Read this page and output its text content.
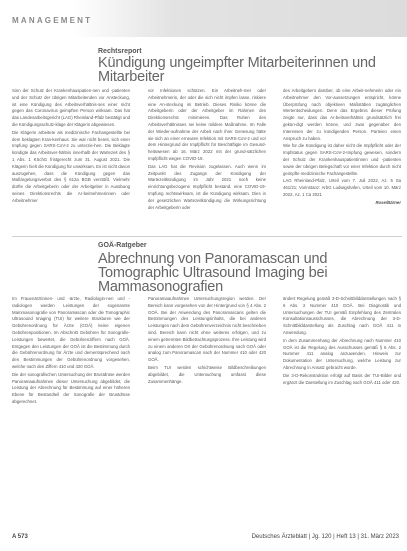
MANAGEMENT
Rechtsreport
Kündigung ungeimpfter Mitarbeiterinnen und Mitarbeiter

Sinn der Schutz der Krankenhauspatien-nen und -patienten und der Schutz der übrigen Mitarbeitenden vor Ansteckung, ist eine Kündigung des Arbeitsverhältnis-ses einer nicht gegen das Coronavirus geimpften Person wirksam. Das hat das Landesarbeitsgericht (LAG) Rheinland-Pfalz bestätigt und die Kündigungsschutz-klage der Klägerin abgewiesen.

Die Klägerin arbeitete als medizinische Fachangestellte bei dem beklagten Kran-kenhaus. Sie war nicht bereit, sich einer Impfung gegen SARS-CoV-2 zu unterzie-hen. Die Beklagte kündigte das Arbeitsver-hältnis innerhalb der Wartezeit des § 1 Abs. 1 KSchG fristgerecht zum 31. August 2021. Die Klägerin hielt die Kündigung für unwirksam. Es ist nicht davon auszugehen, dass die Kündigung gegen das Maßregelungsverbot des § 612a BGB verstößt. Vielmehr dürfte die Arbeitgeberin oder der Arbeitgeber in Ausübung seines Direktionsrechts die Ar-beitnehmerinnen oder Arbeitnehmer

vor Infektionen schützen. Ein Arbeitneh-mer oder Arbeitnehmerin, der oder die sich nicht impfen lasse, riskiere eine An-steckung im Betrieb. Dieses Risiko könne die Arbeitgeberin oder der Arbeitgeber im Rahmen des Direktionsrechts minimieren. Das Ruhen des Arbeitsverhältnisses sei keine mildere Maßnahme. Im Falle der Wieder-aufnahme der Arbeit nach ihrer Genesung hätte sie sich an einer erneuten Infektion mit SARS-CoV-2 und vor dem Hintergrund der Impfpflicht für Beschäftigte im Gesund-heitswesen ab 16. März 2022 mit der grund-sätzlichen Impfpflicht wegen COVID-19.

Das LAG hat die Revision zugelassen. Auch wenn im Zeitpunkt des Zugangs der Kündigung der Wartezeitkündigung im Jahr 2021 noch keine einrichtungsbezogene Impfpflicht bestand, eine COVID-19-Impfung rechtswirksam, ist die Kündigung wirksam. Dies in der gesetzlichen Wartezeitkündigung die Wirkungsrichtung der Arbeitgeberin oder

des Arbeitgebers darüber, ob eine Arbeit-nehmerin oder ein Arbeitnehmer den Vor-aussetzungen entspricht, könne Überprüfung nach objektiven Maßstäben zugänglichen Wertentscheidungen. Denn das Ergebnis dieser Prüfung zeigte nur, dass das Ar-beitsverhältnis grundsätzlich frei gekün-digt werden könne, und zwar gegenüber den Interessen der zu kündigenden Person. Parteien einen Anspruch zu haben.

Wie für die Kündigung ist daher nicht die Impfpflicht oder der Impfstatus gegen SARS-CoV-2-Impfung gewesen, sondern der Schutz der Krankenhauspatientinnen und -patienten sowie der übrigen Belegschaft vor einer Infektion durch nicht geimpfte medizinische Fachangestellte.

LAG Rheinland-Pfalz, Urteil vom 7. Juli 2022, Az. 5 Sa 461/21; Vorinstanz: ArbG Ludwigshafen, Urteil vom 10. März 2022, Az. 1 Ca 2021

Rose/Bärner

GOÄ-Ratgeber
Abrechnung von Panoramascan und Tomographic Ultrasound Imaging bei Mammasonografien

Im Frauenärztinnen- und -ärzte, Radiologin-nen und -radiologen werden Leistungen der sogenannte Mammasonografie von Panoramascan oder die Tomographic Ultrasound Imaging (TUI) für weitere Strukturen wie der Gebührenordnung für Ärzte (GOÄ) keine eigenen Gebührenpositionen. Im Abschnitt Gebühren für Sonografie-Leistungen bewertet, die Gebührenziffern nach GOÄ. Entgegen den Leistungen der GOÄ ist die Bestimmung durch die Gebührenordnung für Ärzte und dementsprechend nach den Bestimmungen der Gebührenordnung vorgesehen, welche nach den Ziffern 410 und 420 GOÄ.

Die der sonografischen Untersuchung der Brustdrüse werden Panoramaaufnahmen dieser Untersuchung abgebildet, die Leistung der Abrechnung für Bestimmung auf einer höheren Ebene für Bestandteil der Sonografie der Brustdrüse abgerechnet.

Panoramaaufnahmen Untersuchungsregion werden. Der Bereich kann vorgesehen von der Hintergrund von § 4 Abs. 2 GOÄ. Bei der Anwendung des Panoramascans gelten die Bestimmungen des Leistungsinhalts, die bei anderen Leistungen nach dem Gebührenverzeichnis nicht beschrieben sind. Bereich kann nicht ohne weiteres erfolgen, und zu einem getrennten Bildbetrachtungsprozess. Ihre Leistung wird zu einem anderen Ort der Gebührenordnung nach GOÄ oder analog zum Panoramascan nach der Nummer 410 oder 420 GOÄ.

Beim TUI werden schichtweise Bildbeschreibungen abgebildet, die Untersuchung umfasst diese Zusammenhänge.

ändert Regelung gemäß 3-D-Schnittbilddarstellungen nach § 6 Abs. 2 Nummer 410 GOÄ. Bei Diagnostik und Untersuchungen der TUI gemäß Empfehlung des Zentralen Konsultationsausschusses, die Abrechnung der 3-D-Schnittbilddarstellung als Zuschlag nach GOÄ 411 in Anwendung.

In dem Zusammenhang der Abrechnung nach Nummer 410 GOÄ ist die Regelung des Ausschusses gemäß § 6 Abs. 2 Nummer 411 analog anzuwenden. Hinweis zur Dokumentation der Untersuchung, welche Leistung zur Abrechnung in Ansatz gebracht wurde.

Die 3-D-Rekonstruktion erfolgt auf Basis der TUI-Bilder und ergänzt die Darstellung im Zuschlag nach GOÄ 411 oder 420.

A 573	Deutsches Ärzteblatt | Jg. 120 | Heft 13 | 31. März 2023
